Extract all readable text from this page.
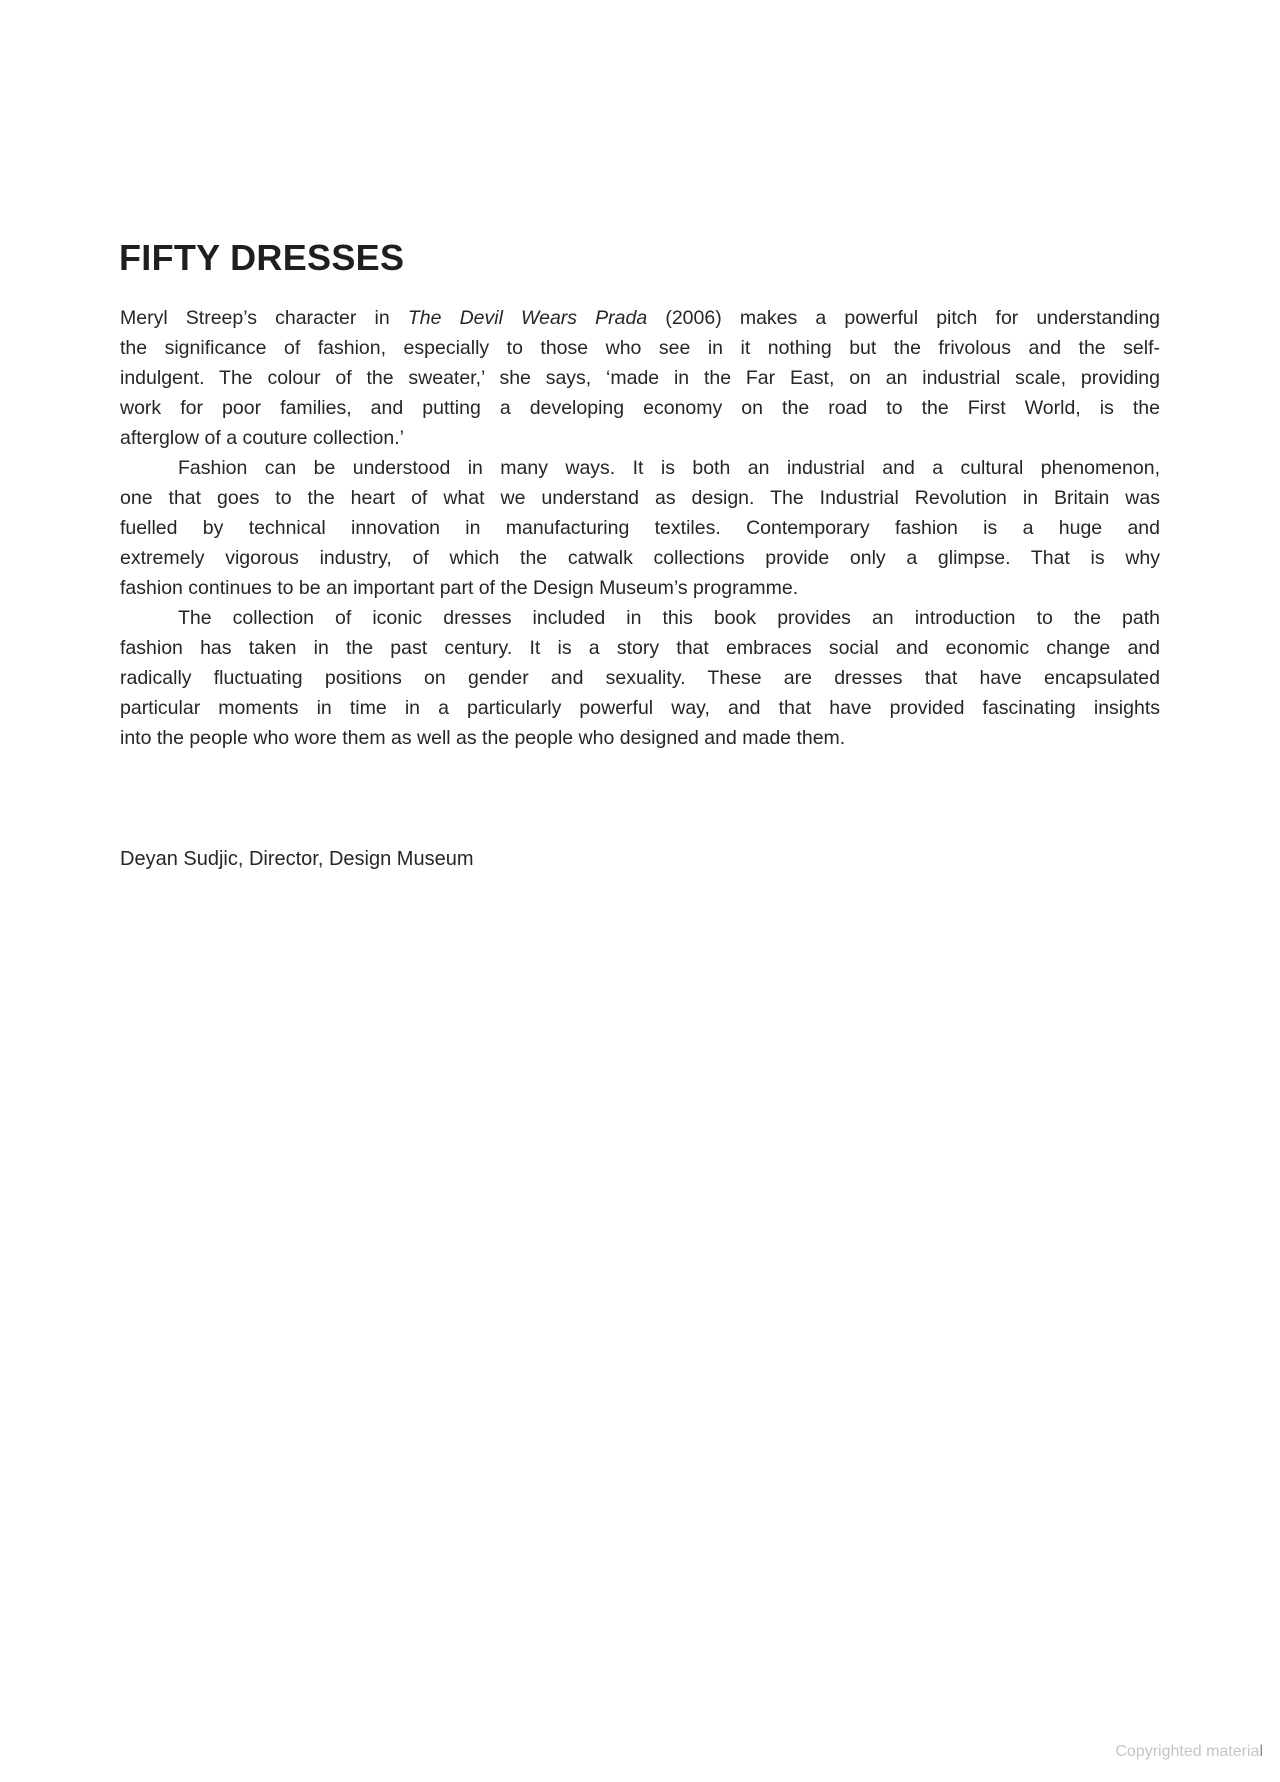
FIFTY DRESSES
Meryl Streep’s character in The Devil Wears Prada (2006) makes a powerful pitch for understanding
the significance of fashion, especially to those who see in it nothing but the frivolous and the self-
indulgent. The colour of the sweater,’ she says, ‘made in the Far East, on an industrial scale, providing
work for poor families, and putting a developing economy on the road to the First World, is the
afterglow of a couture collection.’
Fashion can be understood in many ways. It is both an industrial and a cultural phenomenon,
one that goes to the heart of what we understand as design. The Industrial Revolution in Britain was
fuelled by technical innovation in manufacturing textiles. Contemporary fashion is a huge and
extremely vigorous industry, of which the catwalk collections provide only a glimpse. That is why
fashion continues to be an important part of the Design Museum’s programme.
The collection of iconic dresses included in this book provides an introduction to the path
fashion has taken in the past century. It is a story that embraces social and economic change and
radically fluctuating positions on gender and sexuality. These are dresses that have encapsulated
particular moments in time in a particularly powerful way, and that have provided fascinating insights
into the people who wore them as well as the people who designed and made them.
Deyan Sudjic, Director, Design Museum
Copyrighted material
